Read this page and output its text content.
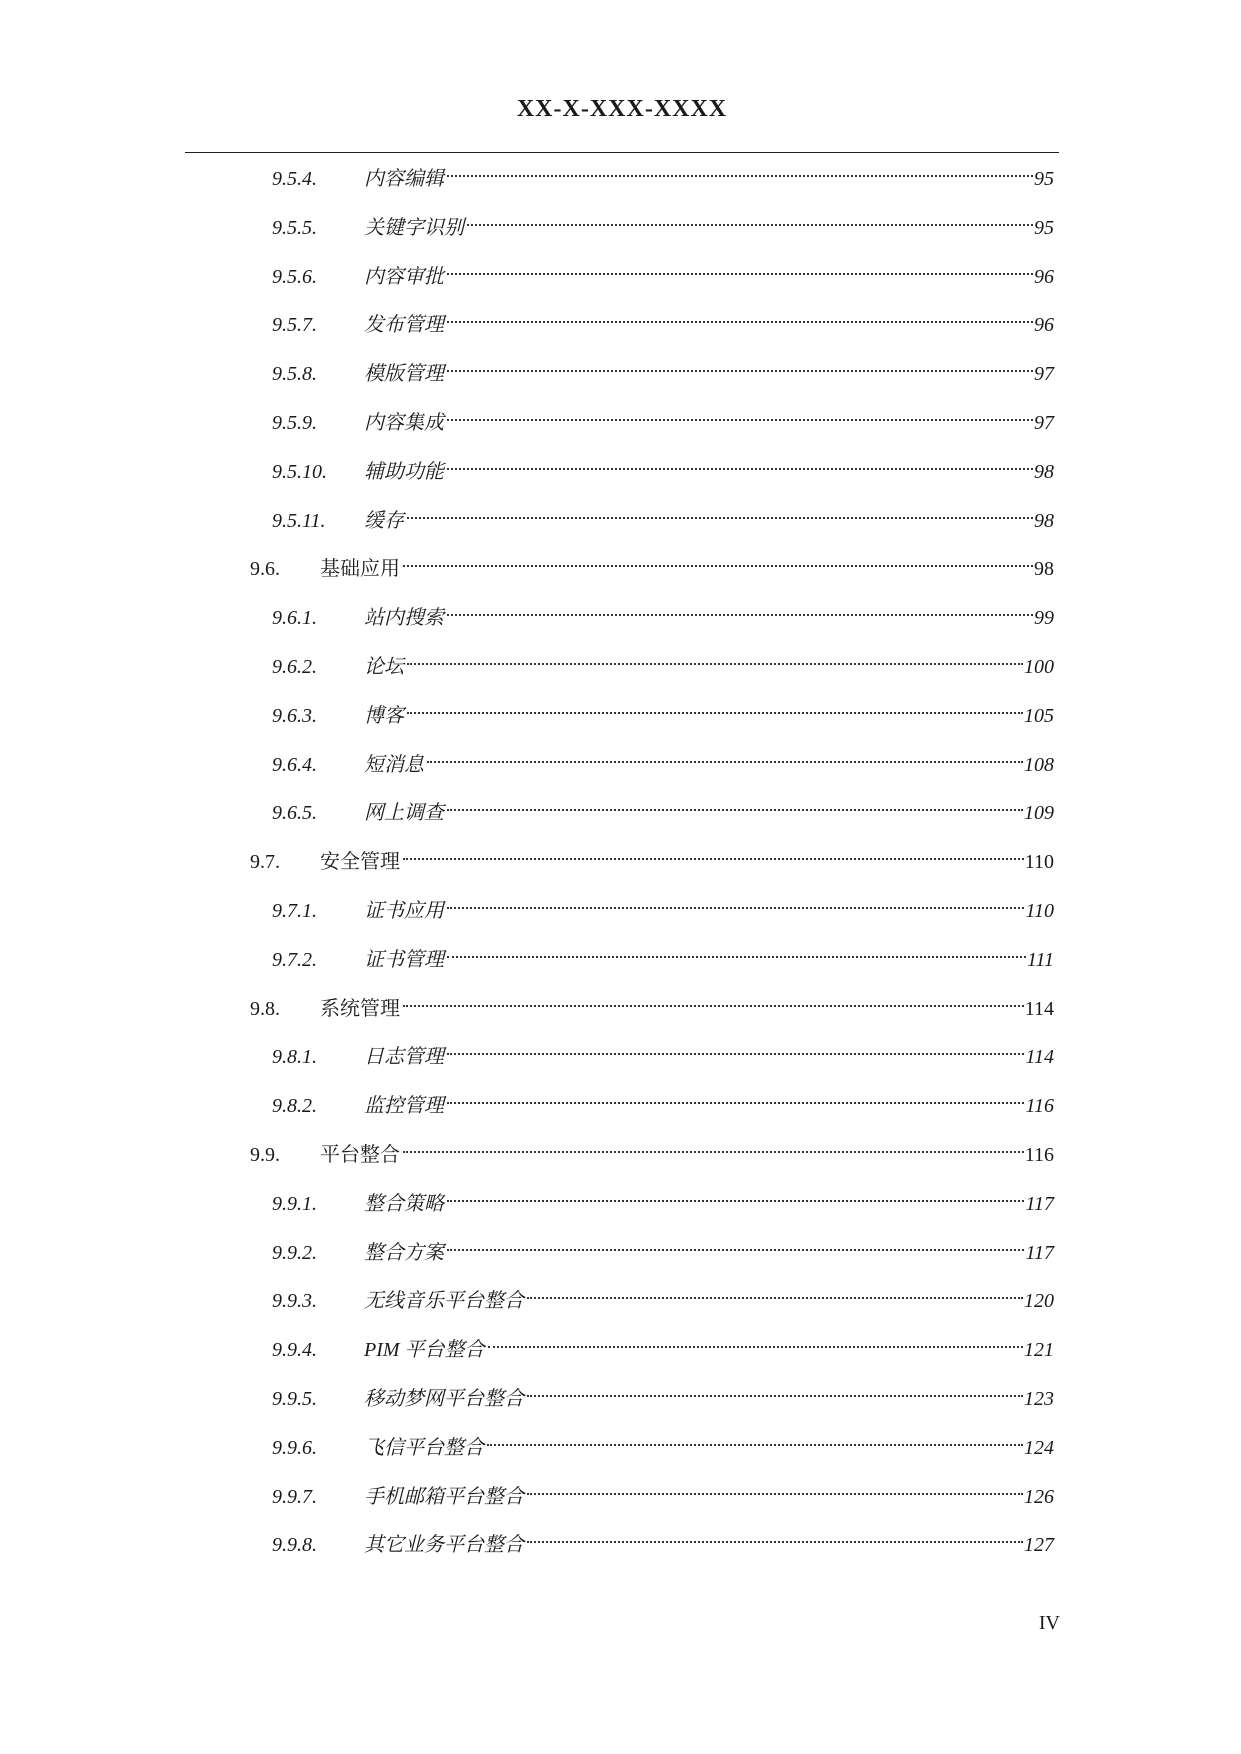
XX-X-XXX-XXXX
9.5.4.	内容编辑	95
9.5.5.	关键字识别	95
9.5.6.	内容审批	96
9.5.7.	发布管理	96
9.5.8.	模版管理	97
9.5.9.	内容集成	97
9.5.10.	辅助功能	98
9.5.11.	缓存	98
9.6.	基础应用	98
9.6.1.	站内搜索	99
9.6.2.	论坛	100
9.6.3.	博客	105
9.6.4.	短消息	108
9.6.5.	网上调查	109
9.7.	安全管理	110
9.7.1.	证书应用	110
9.7.2.	证书管理	111
9.8.	系统管理	114
9.8.1.	日志管理	114
9.8.2.	监控管理	116
9.9.	平台整合	116
9.9.1.	整合策略	117
9.9.2.	整合方案	117
9.9.3.	无线音乐平台整合	120
9.9.4.	PIM 平台整合	121
9.9.5.	移动梦网平台整合	123
9.9.6.	飞信平台整合	124
9.9.7.	手机邮箱平台整合	126
9.9.8.	其它业务平台整合	127
IV
